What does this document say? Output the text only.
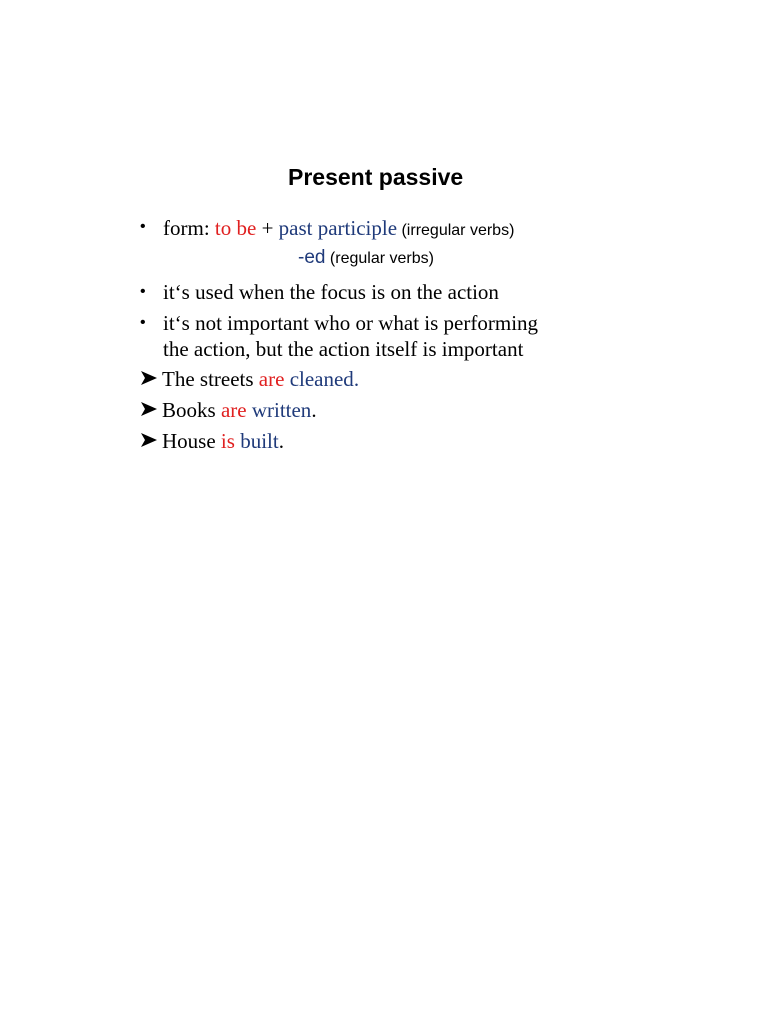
Present passive
• form: to be + past participle (irregular verbs)
-ed (regular verbs)
• it‘s used when the focus is on the action
• it‘s not important who or what is performing
the action, but the action itself is important
The streets are cleaned.
Books are written.
House is built.
